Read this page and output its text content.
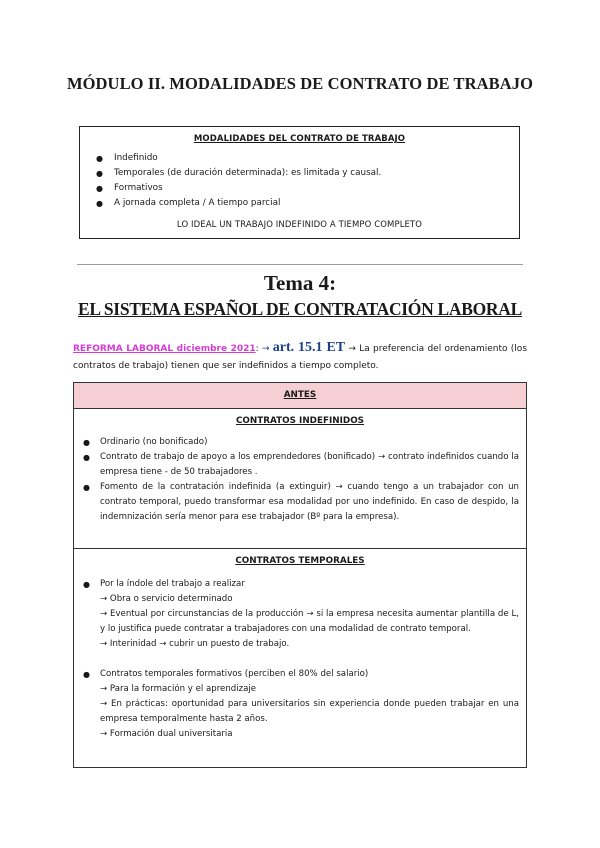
MÓDULO II. MODALIDADES DE CONTRATO DE TRABAJO
MODALIDADES DEL CONTRATO DE TRABAJO
● Indefinido
● Temporales (de duración determinada): es limitada y causal.
● Formativos
● A jornada completa / A tiempo parcial
LO IDEAL UN TRABAJO INDEFINIDO A TIEMPO COMPLETO
Tema 4:
EL SISTEMA ESPAÑOL DE CONTRATACIÓN LABORAL
REFORMA LABORAL diciembre 2021: → art. 15.1 ET → La preferencia del ordenamiento (los contratos de trabajo) tienen que ser indefinidos a tiempo completo.
ANTES
CONTRATOS INDEFINIDOS
● Ordinario (no bonificado)
● Contrato de trabajo de apoyo a los emprendedores (bonificado) → contrato indefinidos cuando la empresa tiene - de 50 trabajadores .
● Fomento de la contratación indefinida (a extinguir) → cuando tengo a un trabajador con un contrato temporal, puedo transformar esa modalidad por uno indefinido. En caso de despido, la indemnización sería menor para ese trabajador (Bº para la empresa).
CONTRATOS TEMPORALES
● Por la índole del trabajo a realizar
→ Obra o servicio determinado
→ Eventual por circunstancias de la producción → si la empresa necesita aumentar plantilla de L, y lo justifica puede contratar a trabajadores con una modalidad de contrato temporal.
→ Interinidad → cubrir un puesto de trabajo.
● Contratos temporales formativos (perciben el 80% del salario)
→ Para la formación y el aprendizaje
→ En prácticas: oportunidad para universitarios sin experiencia donde pueden trabajar en una empresa temporalmente hasta 2 años.
→ Formación dual universitaria
